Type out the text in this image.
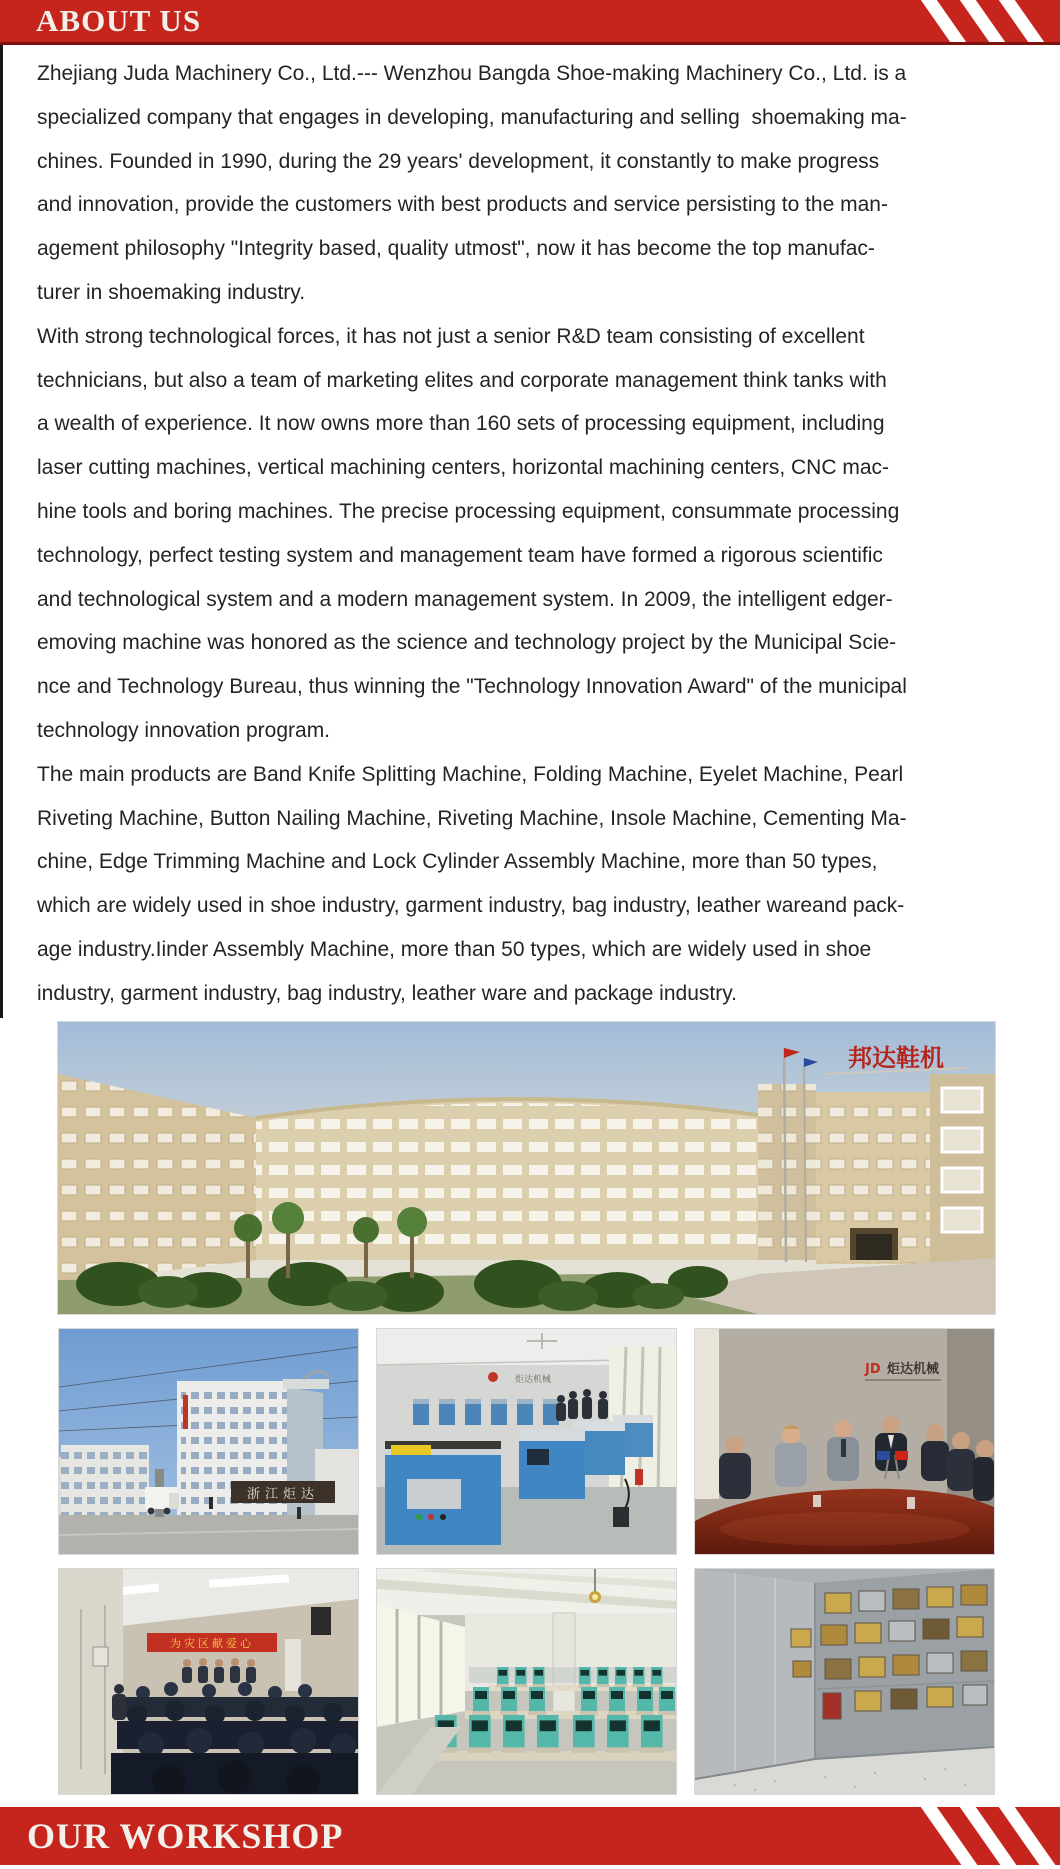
ABOUT US
Zhejiang Juda Machinery Co., Ltd.--- Wenzhou Bangda Shoe-making Machinery Co., Ltd. is a
specialized company that engages in developing, manufacturing and selling  shoemaking ma-
chines. Founded in 1990, during the 29 years' development, it constantly to make progress
and innovation, provide the customers with best products and service persisting to the man-
agement philosophy "Integrity based, quality utmost", now it has become the top manufac-
turer in shoemaking industry.
With strong technological forces, it has not just a senior R&D team consisting of excellent
technicians, but also a team of marketing elites and corporate management think tanks with
a wealth of experience. It now owns more than 160 sets of processing equipment, including
laser cutting machines, vertical machining centers, horizontal machining centers, CNC mac-
hine tools and boring machines. The precise processing equipment, consummate processing
technology, perfect testing system and management team have formed a rigorous scientific
and technological system and a modern management system. In 2009, the intelligent edger-
emoving machine was honored as the science and technology project by the Municipal Scie-
nce and Technology Bureau, thus winning the "Technology Innovation Award" of the municipal
technology innovation program.
The main products are Band Knife Splitting Machine, Folding Machine, Eyelet Machine, Pearl
Riveting Machine, Button Nailing Machine, Riveting Machine, Insole Machine, Cementing Ma-
chine, Edge Trimming Machine and Lock Cylinder Assembly Machine, more than 50 types,
which are widely used in shoe industry, garment industry, bag industry, leather wareand pack-
age industry.Iinder Assembly Machine, more than 50 types, which are widely used in shoe
industry, garment industry, bag industry, leather ware and package industry.
邦达鞋机
浙江炬达
炬达机械
JD 炬达机械
为灾区献爱心
OUR WORKSHOP
